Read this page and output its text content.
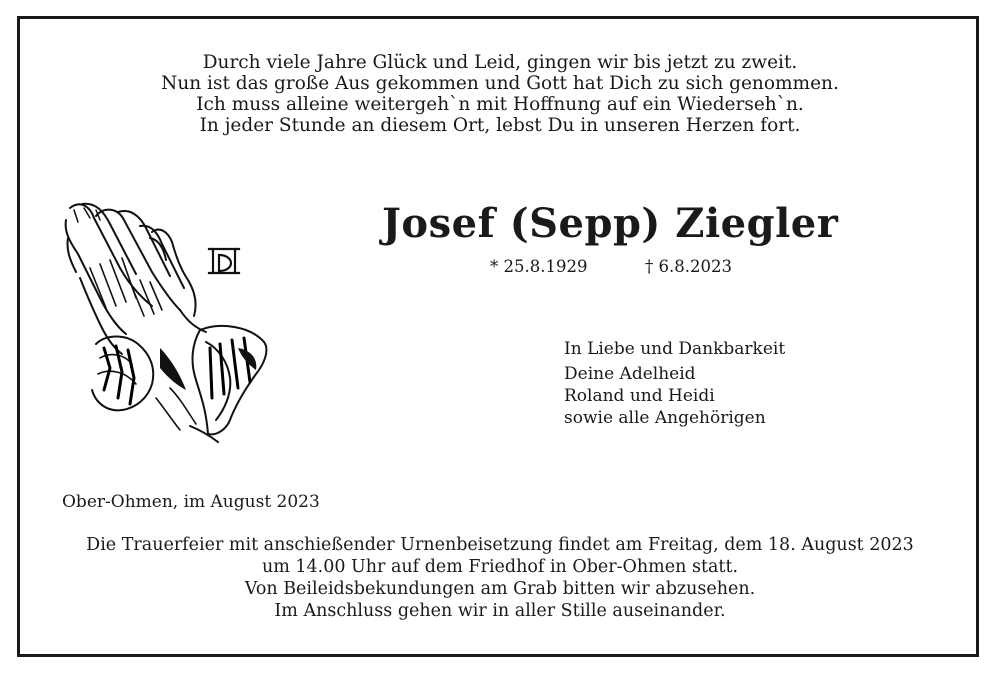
Durch viele Jahre Glück und Leid, gingen wir bis jetzt zu zweit.
Nun ist das große Aus gekommen und Gott hat Dich zu sich genommen.
Ich muss alleine weitergeh`n mit Hoffnung auf ein Wiederseh`n.
In jeder Stunde an diesem Ort, lebst Du in unseren Herzen fort.
Josef (Sepp) Ziegler
* 25.8.1929	† 6.8.2023
In Liebe und Dankbarkeit
Deine Adelheid
Roland und Heidi
sowie alle Angehörigen
Ober-Ohmen, im August 2023
Die Trauerfeier mit anschießender Urnenbeisetzung findet am Freitag, dem 18. August 2023
um 14.00 Uhr auf dem Friedhof in Ober-Ohmen statt.
Von Beileidsbekundungen am Grab bitten wir abzusehen.
Im Anschluss gehen wir in aller Stille auseinander.
